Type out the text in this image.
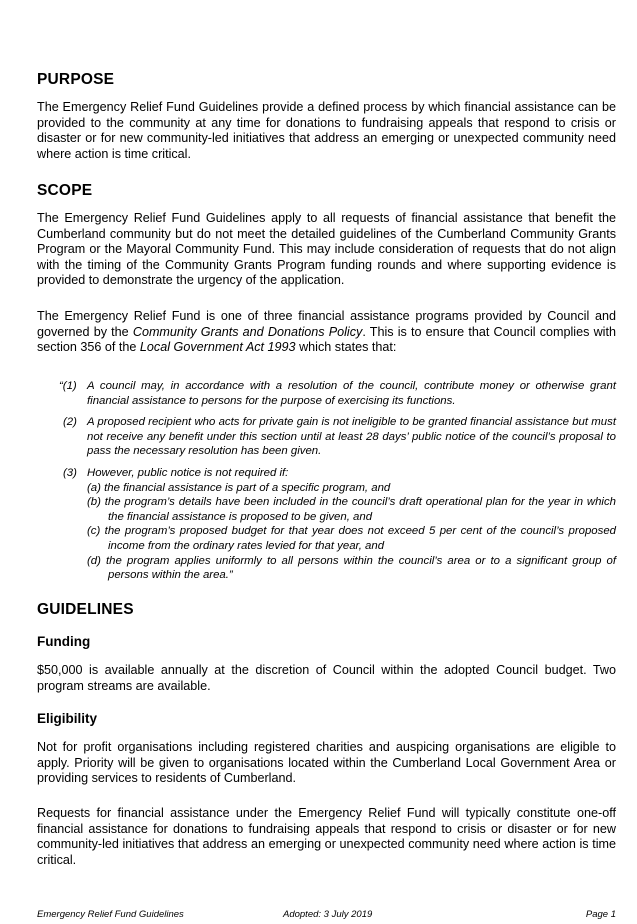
PURPOSE

The Emergency Relief Fund Guidelines provide a defined process by which financial assistance can be provided to the community at any time for donations to fundraising appeals that respond to crisis or disaster or for new community-led initiatives that address an emerging or unexpected community need where action is time critical.

SCOPE

The Emergency Relief Fund Guidelines apply to all requests of financial assistance that benefit the Cumberland community but do not meet the detailed guidelines of the Cumberland Community Grants Program or the Mayoral Community Fund. This may include consideration of requests that do not align with the timing of the Community Grants Program funding rounds and where supporting evidence is provided to demonstrate the urgency of the application.

The Emergency Relief Fund is one of three financial assistance programs provided by Council and governed by the Community Grants and Donations Policy. This is to ensure that Council complies with section 356 of the Local Government Act 1993 which states that:

“(1) A council may, in accordance with a resolution of the council, contribute money or otherwise grant financial assistance to persons for the purpose of exercising its functions.
(2) A proposed recipient who acts for private gain is not ineligible to be granted financial assistance but must not receive any benefit under this section until at least 28 days’ public notice of the council’s proposal to pass the necessary resolution has been given.
(3) However, public notice is not required if:
(a) the financial assistance is part of a specific program, and
(b) the program’s details have been included in the council’s draft operational plan for the year in which the financial assistance is proposed to be given, and
(c) the program’s proposed budget for that year does not exceed 5 per cent of the council’s proposed income from the ordinary rates levied for that year, and
(d) the program applies uniformly to all persons within the council’s area or to a significant group of persons within the area.”
GUIDELINES
Funding

$50,000 is available annually at the discretion of Council within the adopted Council budget. Two program streams are available.

Eligibility

Not for profit organisations including registered charities and auspicing organisations are eligible to apply. Priority will be given to organisations located within the Cumberland Local Government Area or providing services to residents of Cumberland.

Requests for financial assistance under the Emergency Relief Fund will typically constitute one-off financial assistance for donations to fundraising appeals that respond to crisis or disaster or for new community-led initiatives that address an emerging or unexpected community need where action is time critical.

Emergency Relief Fund Guidelines	Adopted: 3 July 2019	Page 1
